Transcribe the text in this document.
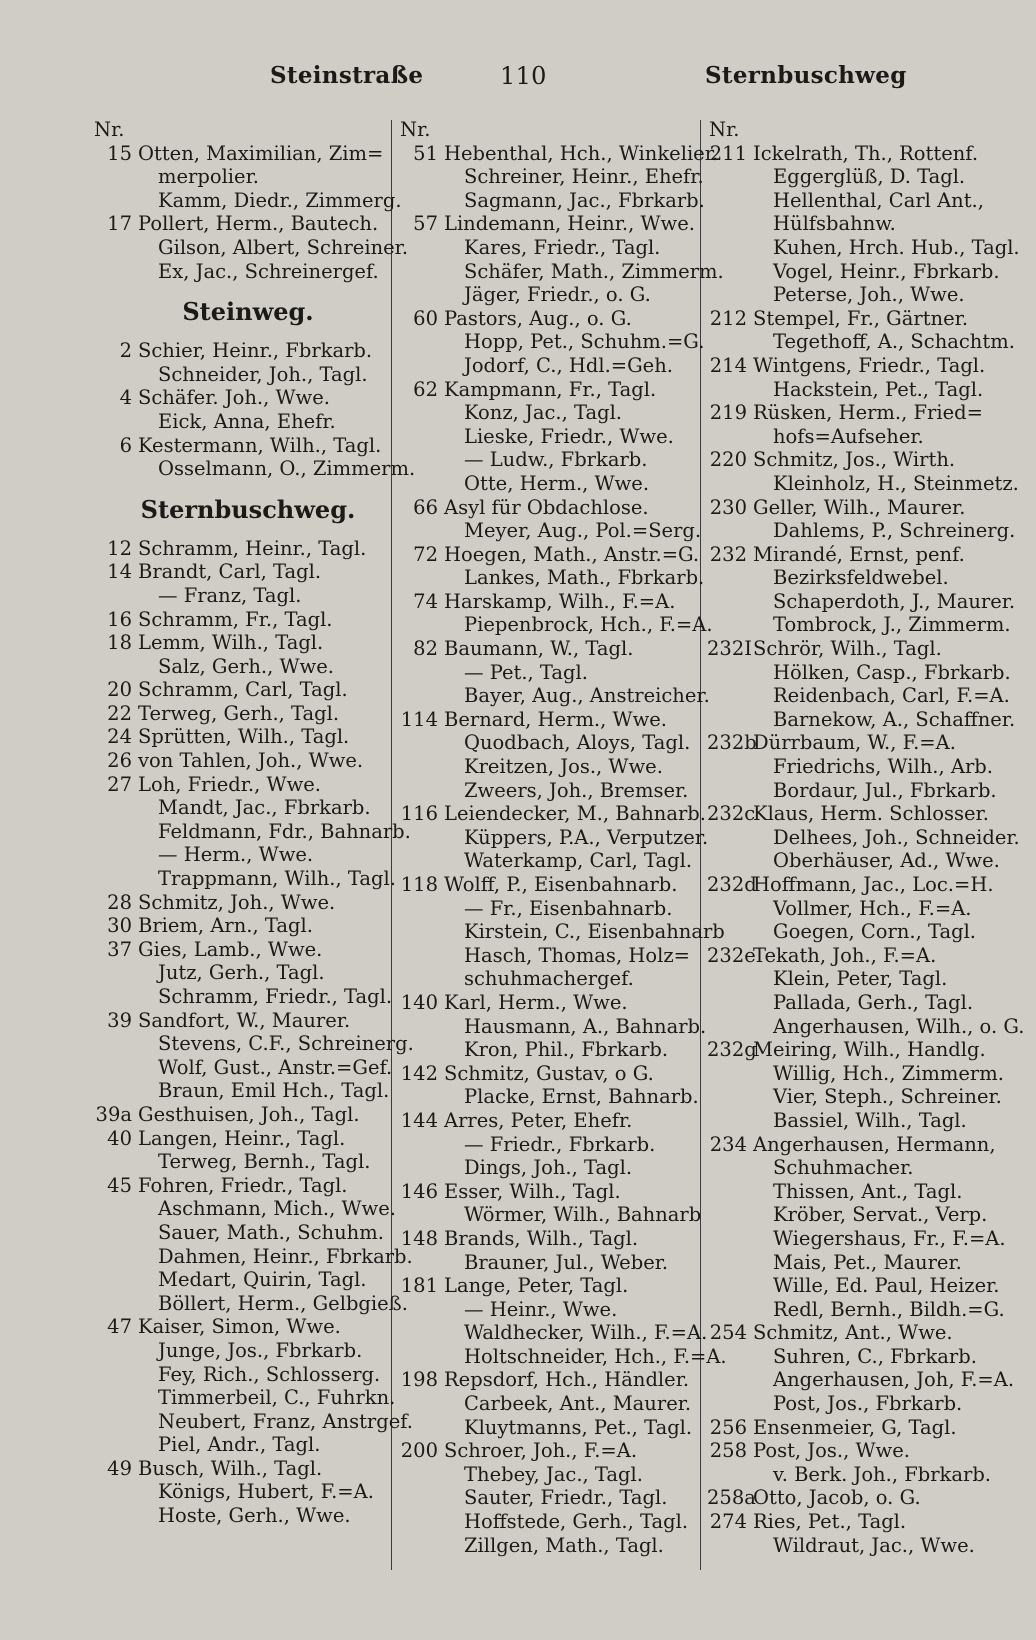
Steinstraße	110	Sternbuschweg
Nr.
15 Otten, Maximilian, Zim=
merpolier.
Kamm, Diedr., Zimmerg.
17 Pollert, Herm., Bautech.
Gilson, Albert, Schreiner.
Ex, Jac., Schreinergef.
Steinweg.
2 Schier, Heinr., Fbrkarb.
Schneider, Joh., Tagl.
4 Schäfer. Joh., Wwe.
Eick, Anna, Ehefr.
6 Kestermann, Wilh., Tagl.
Osselmann, O., Zimmerm.
Sternbuschweg.
12 Schramm, Heinr., Tagl.
14 Brandt, Carl, Tagl.
— Franz, Tagl.
16 Schramm, Fr., Tagl.
18 Lemm, Wilh., Tagl.
Salz, Gerh., Wwe.
20 Schramm, Carl, Tagl.
22 Terweg, Gerh., Tagl.
24 Sprütten, Wilh., Tagl.
26 von Tahlen, Joh., Wwe.
27 Loh, Friedr., Wwe.
Mandt, Jac., Fbrkarb.
Feldmann, Fdr., Bahnarb.
— Herm., Wwe.
Trappmann, Wilh., Tagl.
28 Schmitz, Joh., Wwe.
30 Briem, Arn., Tagl.
37 Gies, Lamb., Wwe.
Jutz, Gerh., Tagl.
Schramm, Friedr., Tagl.
39 Sandfort, W., Maurer.
Stevens, C.F., Schreinerg.
Wolf, Gust., Anstr.=Gef.
Braun, Emil Hch., Tagl.
39a Gesthuisen, Joh., Tagl.
40 Langen, Heinr., Tagl.
Terweg, Bernh., Tagl.
45 Fohren, Friedr., Tagl.
Aschmann, Mich., Wwe.
Sauer, Math., Schuhm.
Dahmen, Heinr., Fbrkarb.
Medart, Quirin, Tagl.
Böllert, Herm., Gelbgieß.
47 Kaiser, Simon, Wwe.
Junge, Jos., Fbrkarb.
Fey, Rich., Schlosserg.
Timmerbeil, C., Fuhrkn.
Neubert, Franz, Anstrgef.
Piel, Andr., Tagl.
49 Busch, Wilh., Tagl.
Königs, Hubert, F.=A.
Hoste, Gerh., Wwe.
Nr.
51 Hebenthal, Hch., Winkelier.
Schreiner, Heinr., Ehefr.
Sagmann, Jac., Fbrkarb.
57 Lindemann, Heinr., Wwe.
Kares, Friedr., Tagl.
Schäfer, Math., Zimmerm.
Jäger, Friedr., o. G.
60 Pastors, Aug., o. G.
Hopp, Pet., Schuhm.=G.
Jodorf, C., Hdl.=Geh.
62 Kampmann, Fr., Tagl.
Konz, Jac., Tagl.
Lieske, Friedr., Wwe.
— Ludw., Fbrkarb.
Otte, Herm., Wwe.
66 Asyl für Obdachlose.
Meyer, Aug., Pol.=Serg.
72 Hoegen, Math., Anstr.=G.
Lankes, Math., Fbrkarb.
74 Harskamp, Wilh., F.=A.
Piepenbrock, Hch., F.=A.
82 Baumann, W., Tagl.
— Pet., Tagl.
Bayer, Aug., Anstreicher.
114 Bernard, Herm., Wwe.
Quodbach, Aloys, Tagl.
Kreitzen, Jos., Wwe.
Zweers, Joh., Bremser.
116 Leiendecker, M., Bahnarb.
Küppers, P.A., Verputzer.
Waterkamp, Carl, Tagl.
118 Wolff, P., Eisenbahnarb.
— Fr., Eisenbahnarb.
Kirstein, C., Eisenbahnarb
Hasch, Thomas, Holz=
schuhmachergef.
140 Karl, Herm., Wwe.
Hausmann, A., Bahnarb.
Kron, Phil., Fbrkarb.
142 Schmitz, Gustav, o G.
Placke, Ernst, Bahnarb.
144 Arres, Peter, Ehefr.
— Friedr., Fbrkarb.
Dings, Joh., Tagl.
146 Esser, Wilh., Tagl.
Wörmer, Wilh., Bahnarb
148 Brands, Wilh., Tagl.
Brauner, Jul., Weber.
181 Lange, Peter, Tagl.
— Heinr., Wwe.
Waldhecker, Wilh., F.=A.
Holtschneider, Hch., F.=A.
198 Repsdorf, Hch., Händler.
Carbeek, Ant., Maurer.
Kluytmanns, Pet., Tagl.
200 Schroer, Joh., F.=A.
Thebey, Jac., Tagl.
Sauter, Friedr., Tagl.
Hoffstede, Gerh., Tagl.
Zillgen, Math., Tagl.
Nr.
211 Ickelrath, Th., Rottenf.
Eggerglüß, D. Tagl.
Hellenthal, Carl Ant.,
Hülfsbahnw.
Kuhen, Hrch. Hub., Tagl.
Vogel, Heinr., Fbrkarb.
Peterse, Joh., Wwe.
212 Stempel, Fr., Gärtner.
Tegethoff, A., Schachtm.
214 Wintgens, Friedr., Tagl.
Hackstein, Pet., Tagl.
219 Rüsken, Herm., Fried=
hofs=Aufseher.
220 Schmitz, Jos., Wirth.
Kleinholz, H., Steinmetz.
230 Geller, Wilh., Maurer.
Dahlems, P., Schreinerg.
232 Mirandé, Ernst, penf.
Bezirksfeldwebel.
Schaperdoth, J., Maurer.
Tombrock, J., Zimmerm.
232I Schrör, Wilh., Tagl.
Hölken, Casp., Fbrkarb.
Reidenbach, Carl, F.=A.
Barnekow, A., Schaffner.
232b
Dürrbaum, W., F.=A.
Friedrichs, Wilh., Arb.
Bordaur, Jul., Fbrkarb.
232c
Klaus, Herm. Schlosser.
Delhees, Joh., Schneider.
Oberhäuser, Ad., Wwe.
232d
Hoffmann, Jac., Loc.=H.
Vollmer, Hch., F.=A.
Goegen, Corn., Tagl.
232e
Tekath, Joh., F.=A.
Klein, Peter, Tagl.
Pallada, Gerh., Tagl.
Angerhausen, Wilh., o. G.
232g
Meiring, Wilh., Handlg.
Willig, Hch., Zimmerm.
Vier, Steph., Schreiner.
Bassiel, Wilh., Tagl.
234 Angerhausen, Hermann,
Schuhmacher.
Thissen, Ant., Tagl.
Kröber, Servat., Verp.
Wiegershaus, Fr., F.=A.
Mais, Pet., Maurer.
Wille, Ed. Paul, Heizer.
Redl, Bernh., Bildh.=G.
254 Schmitz, Ant., Wwe.
Suhren, C., Fbrkarb.
Angerhausen, Joh, F.=A.
Post, Jos., Fbrkarb.
256 Ensenmeier, G, Tagl.
258 Post, Jos., Wwe.
v. Berk. Joh., Fbrkarb.
258a
Otto, Jacob, o. G.
274 Ries, Pet., Tagl.
Wildraut, Jac., Wwe.
